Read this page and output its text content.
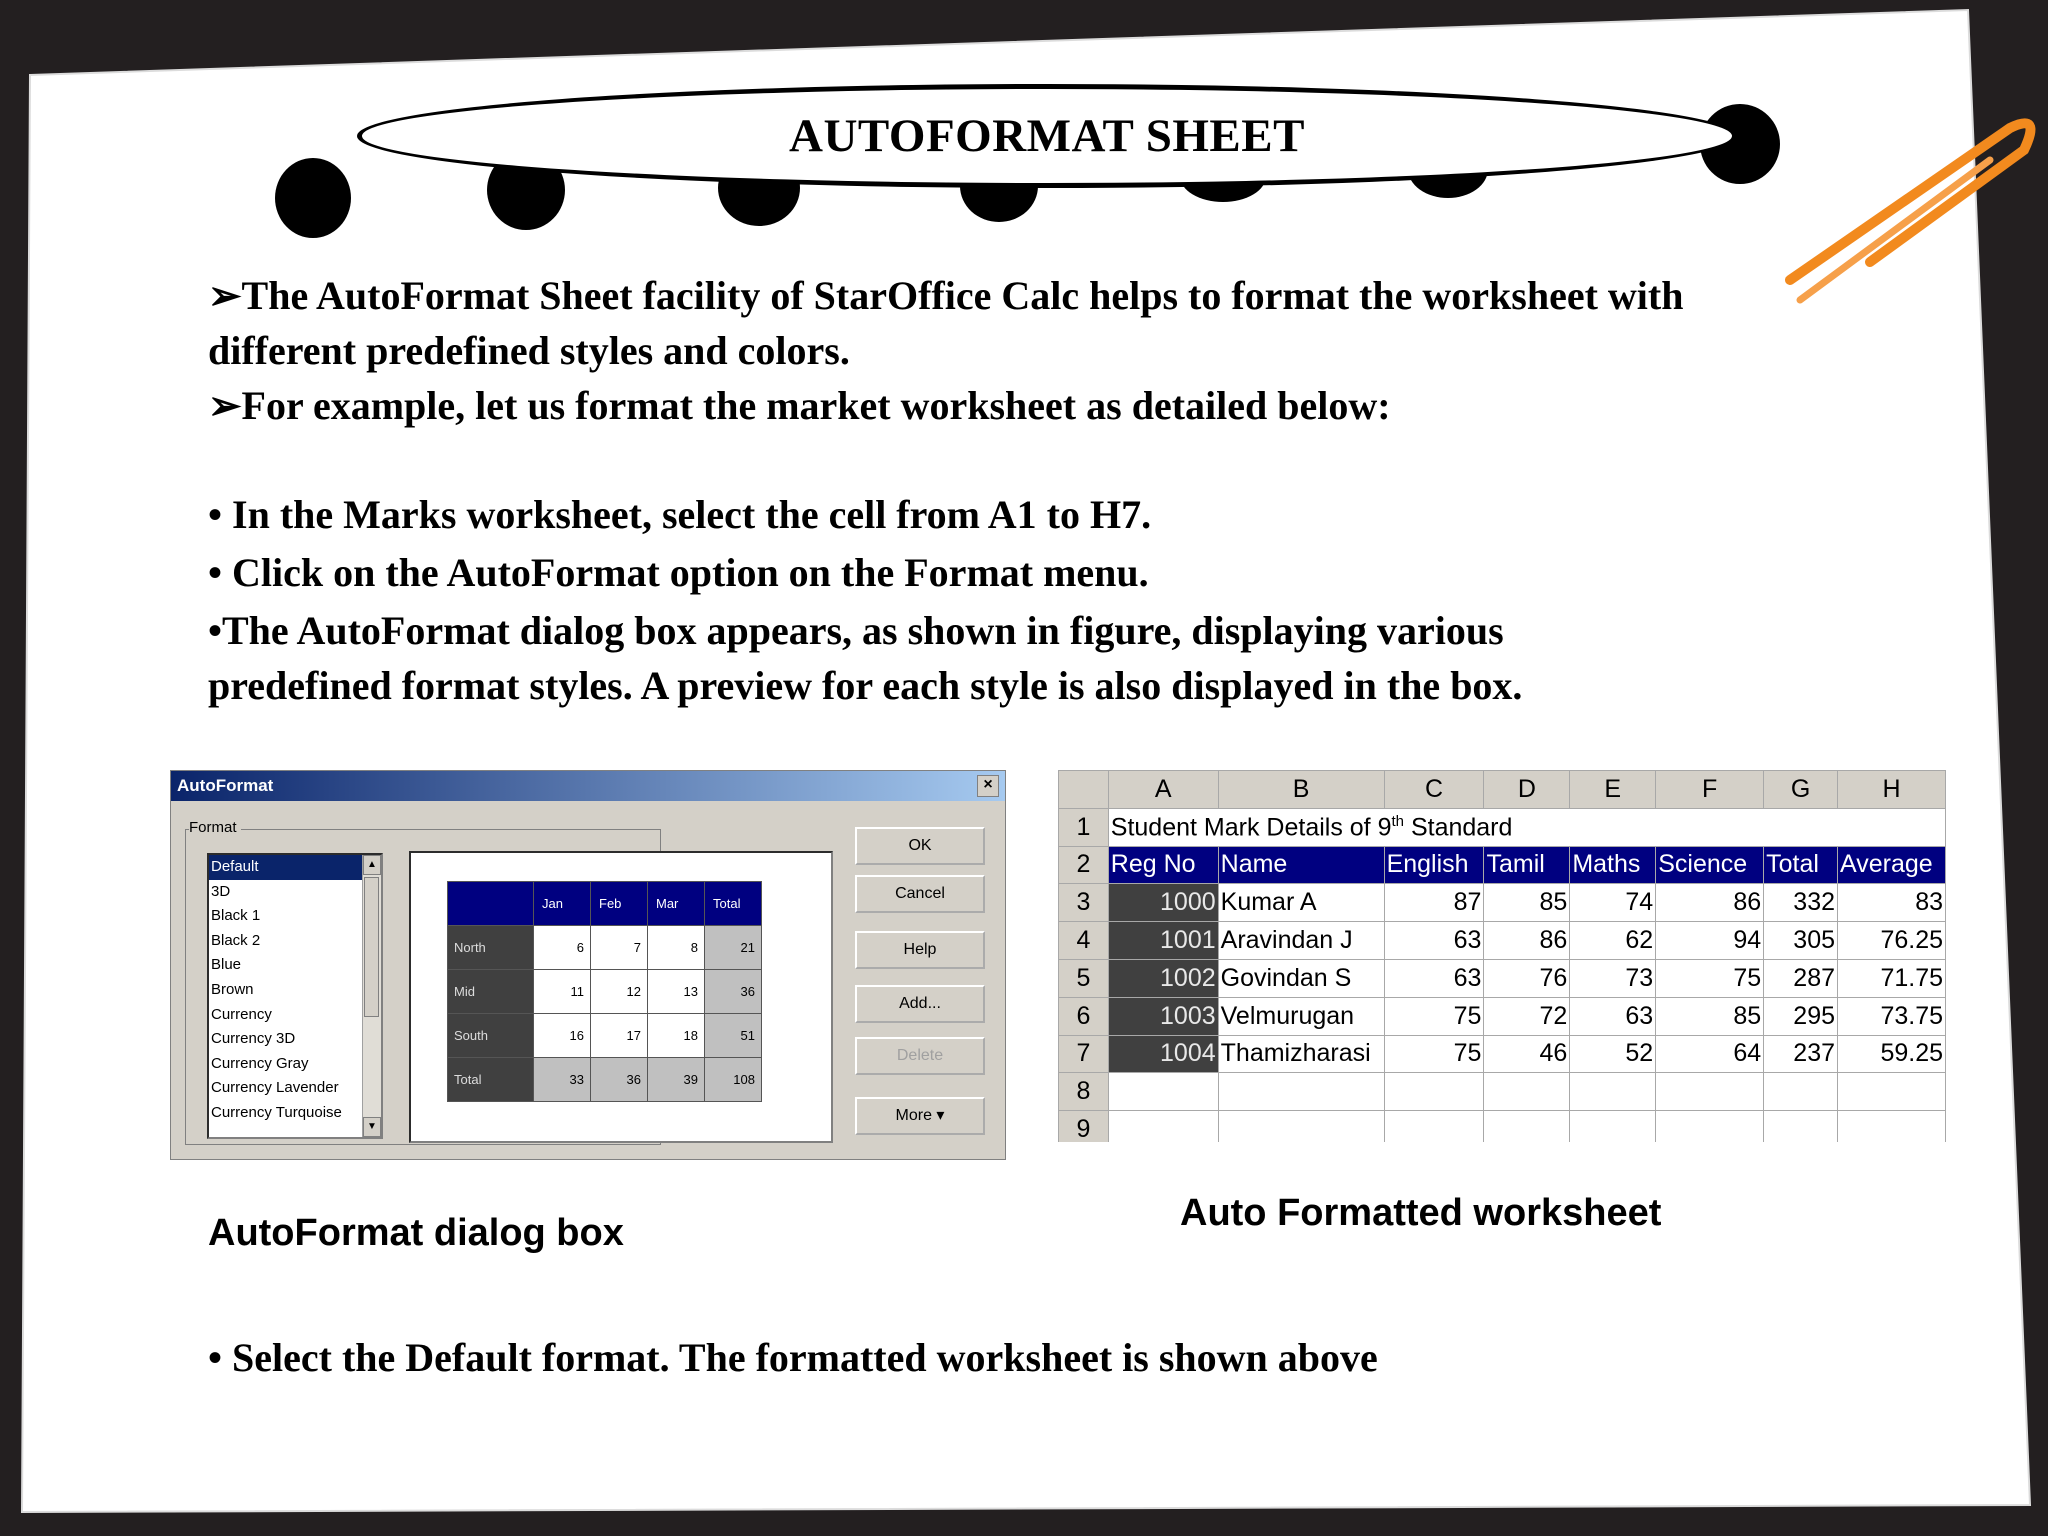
AUTOFORMAT SHEET
➢The AutoFormat Sheet facility of StarOffice Calc helps to format the worksheet with
different predefined styles and colors.
➢For example, let us format the market worksheet as detailed below:
• In the Marks worksheet, select the cell from A1 to H7.
• Click on the AutoFormat option on the Format menu.
•The AutoFormat dialog box appears, as shown in figure, displaying various
predefined format styles. A preview for each style is also displayed in the box.
AutoFormat	×
Format
Default
3D
Black 1
Black 2
Blue
Brown
Currency
Currency 3D
Currency Gray
Currency Lavender
Currency Turquoise
▲
▼
	Jan	Feb	Mar	Total
North	6	7	8	21
Mid	11	12	13	36
South	16	17	18	51
Total	33	36	39	108
OK
Cancel
Help
Add...
Delete
More ▾
	A	B	C	D	E	F	G	H
1	Student Mark Details of 9th Standard							
2	Reg No	Name	English	Tamil	Maths	Science	Total	Average
3	1000	Kumar A	87	85	74	86	332	83
4	1001	Aravindan J	63	86	62	94	305	76.25
5	1002	Govindan S	63	76	73	75	287	71.75
6	1003	Velmurugan	75	72	63	85	295	73.75
7	1004	Thamizharasi	75	46	52	64	237	59.25
8								
9								
AutoFormat dialog box	Auto Formatted worksheet
• Select the Default format. The formatted worksheet is shown above
